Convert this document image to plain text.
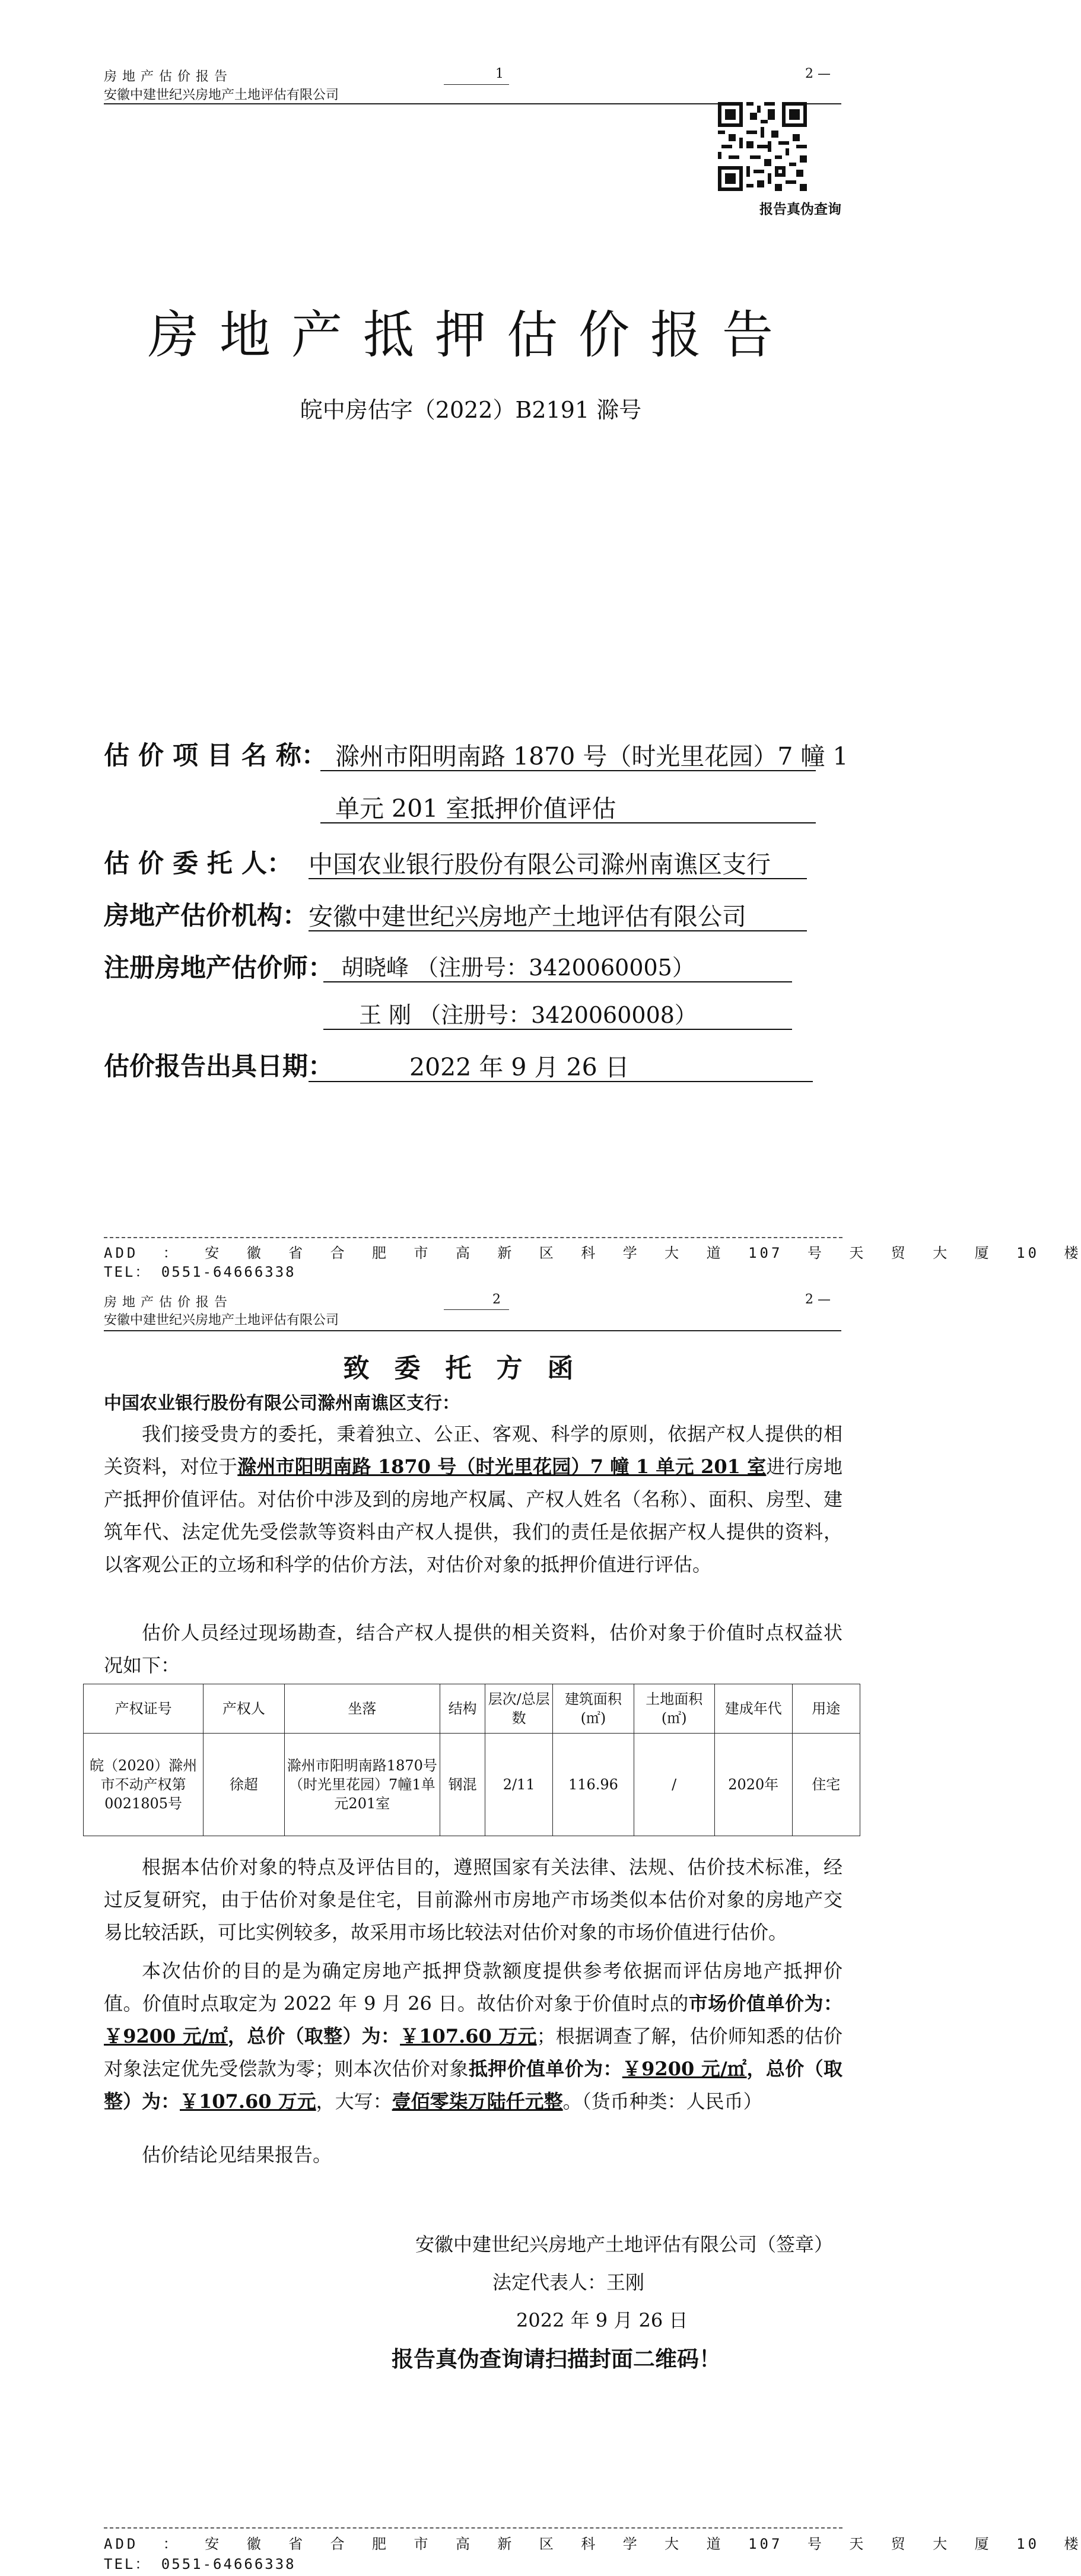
房地产估价报告
安徽中建世纪兴房地产土地评估有限公司
1	2 —
报告真伪查询
房地产抵押估价报告
皖中房估字（2022）B2191 滁号
估 价 项 目 名 称： 滁州市阳明南路 1870 号（时光里花园）7 幢 1
单元 201 室抵押价值评估
估 价 委 托 人： 中国农业银行股份有限公司滁州南谯区支行
房地产估价机构： 安徽中建世纪兴房地产土地评估有限公司
注册房地产估价师： 胡晓峰 （注册号：3420060005）
王 刚 （注册号：3420060008）
估价报告出具日期：	2022 年 9 月 26 日
ADD ： 安 徽 省 合 肥 市 高 新 区 科 学 大 道 107 号 天 贸 大 厦 10 楼
TEL： 0551-64666338
房地产估价报告
安徽中建世纪兴房地产土地评估有限公司
2	2 —
致委托方函
中国农业银行股份有限公司滁州南谯区支行：

我们接受贵方的委托，秉着独立、公正、客观、科学的原则，依据产权人提供的相关资料，对位于滁州市阳明南路 1870 号（时光里花园）7 幢 1 单元 201 室进行房地产抵押价值评估。对估价中涉及到的房地产权属、产权人姓名（名称）、面积、房型、建筑年代、法定优先受偿款等资料由产权人提供，我们的责任是依据产权人提供的资料，以客观公正的立场和科学的估价方法，对估价对象的抵押价值进行评估。

估价人员经过现场勘查，结合产权人提供的相关资料，估价对象于价值时点权益状况如下：

产权证号	产权人	坐落	结构	层次/总层数	建筑面积(㎡)	土地面积(㎡)	建成年代	用途
皖（2020）滁州市不动产权第0021805号	徐超	滁州市阳明南路1870号（时光里花园）7幢1单元201室	钢混	2/11	116.96	/	2020年	住宅

根据本估价对象的特点及评估目的，遵照国家有关法律、法规、估价技术标准，经过反复研究，由于估价对象是住宅，目前滁州市房地产市场类似本估价对象的房地产交易比较活跃，可比实例较多，故采用市场比较法对估价对象的市场价值进行估价。

本次估价的目的是为确定房地产抵押贷款额度提供参考依据而评估房地产抵押价值。价值时点取定为 2022 年 9 月 26 日。故估价对象于价值时点的市场价值单价为：￥9200 元/㎡，总价（取整）为：￥107.60 万元；根据调查了解，估价师知悉的估价对象法定优先受偿款为零；则本次估价对象抵押价值单价为：￥9200 元/㎡，总价（取整）为：￥107.60 万元，大写：壹佰零柒万陆仟元整。（货币种类：人民币）

估价结论见结果报告。

安徽中建世纪兴房地产土地评估有限公司（签章）
法定代表人：王刚
2022 年 9 月 26 日
报告真伪查询请扫描封面二维码！
ADD ： 安 徽 省 合 肥 市 高 新 区 科 学 大 道 107 号 天 贸 大 厦 10 楼
TEL： 0551-64666338
